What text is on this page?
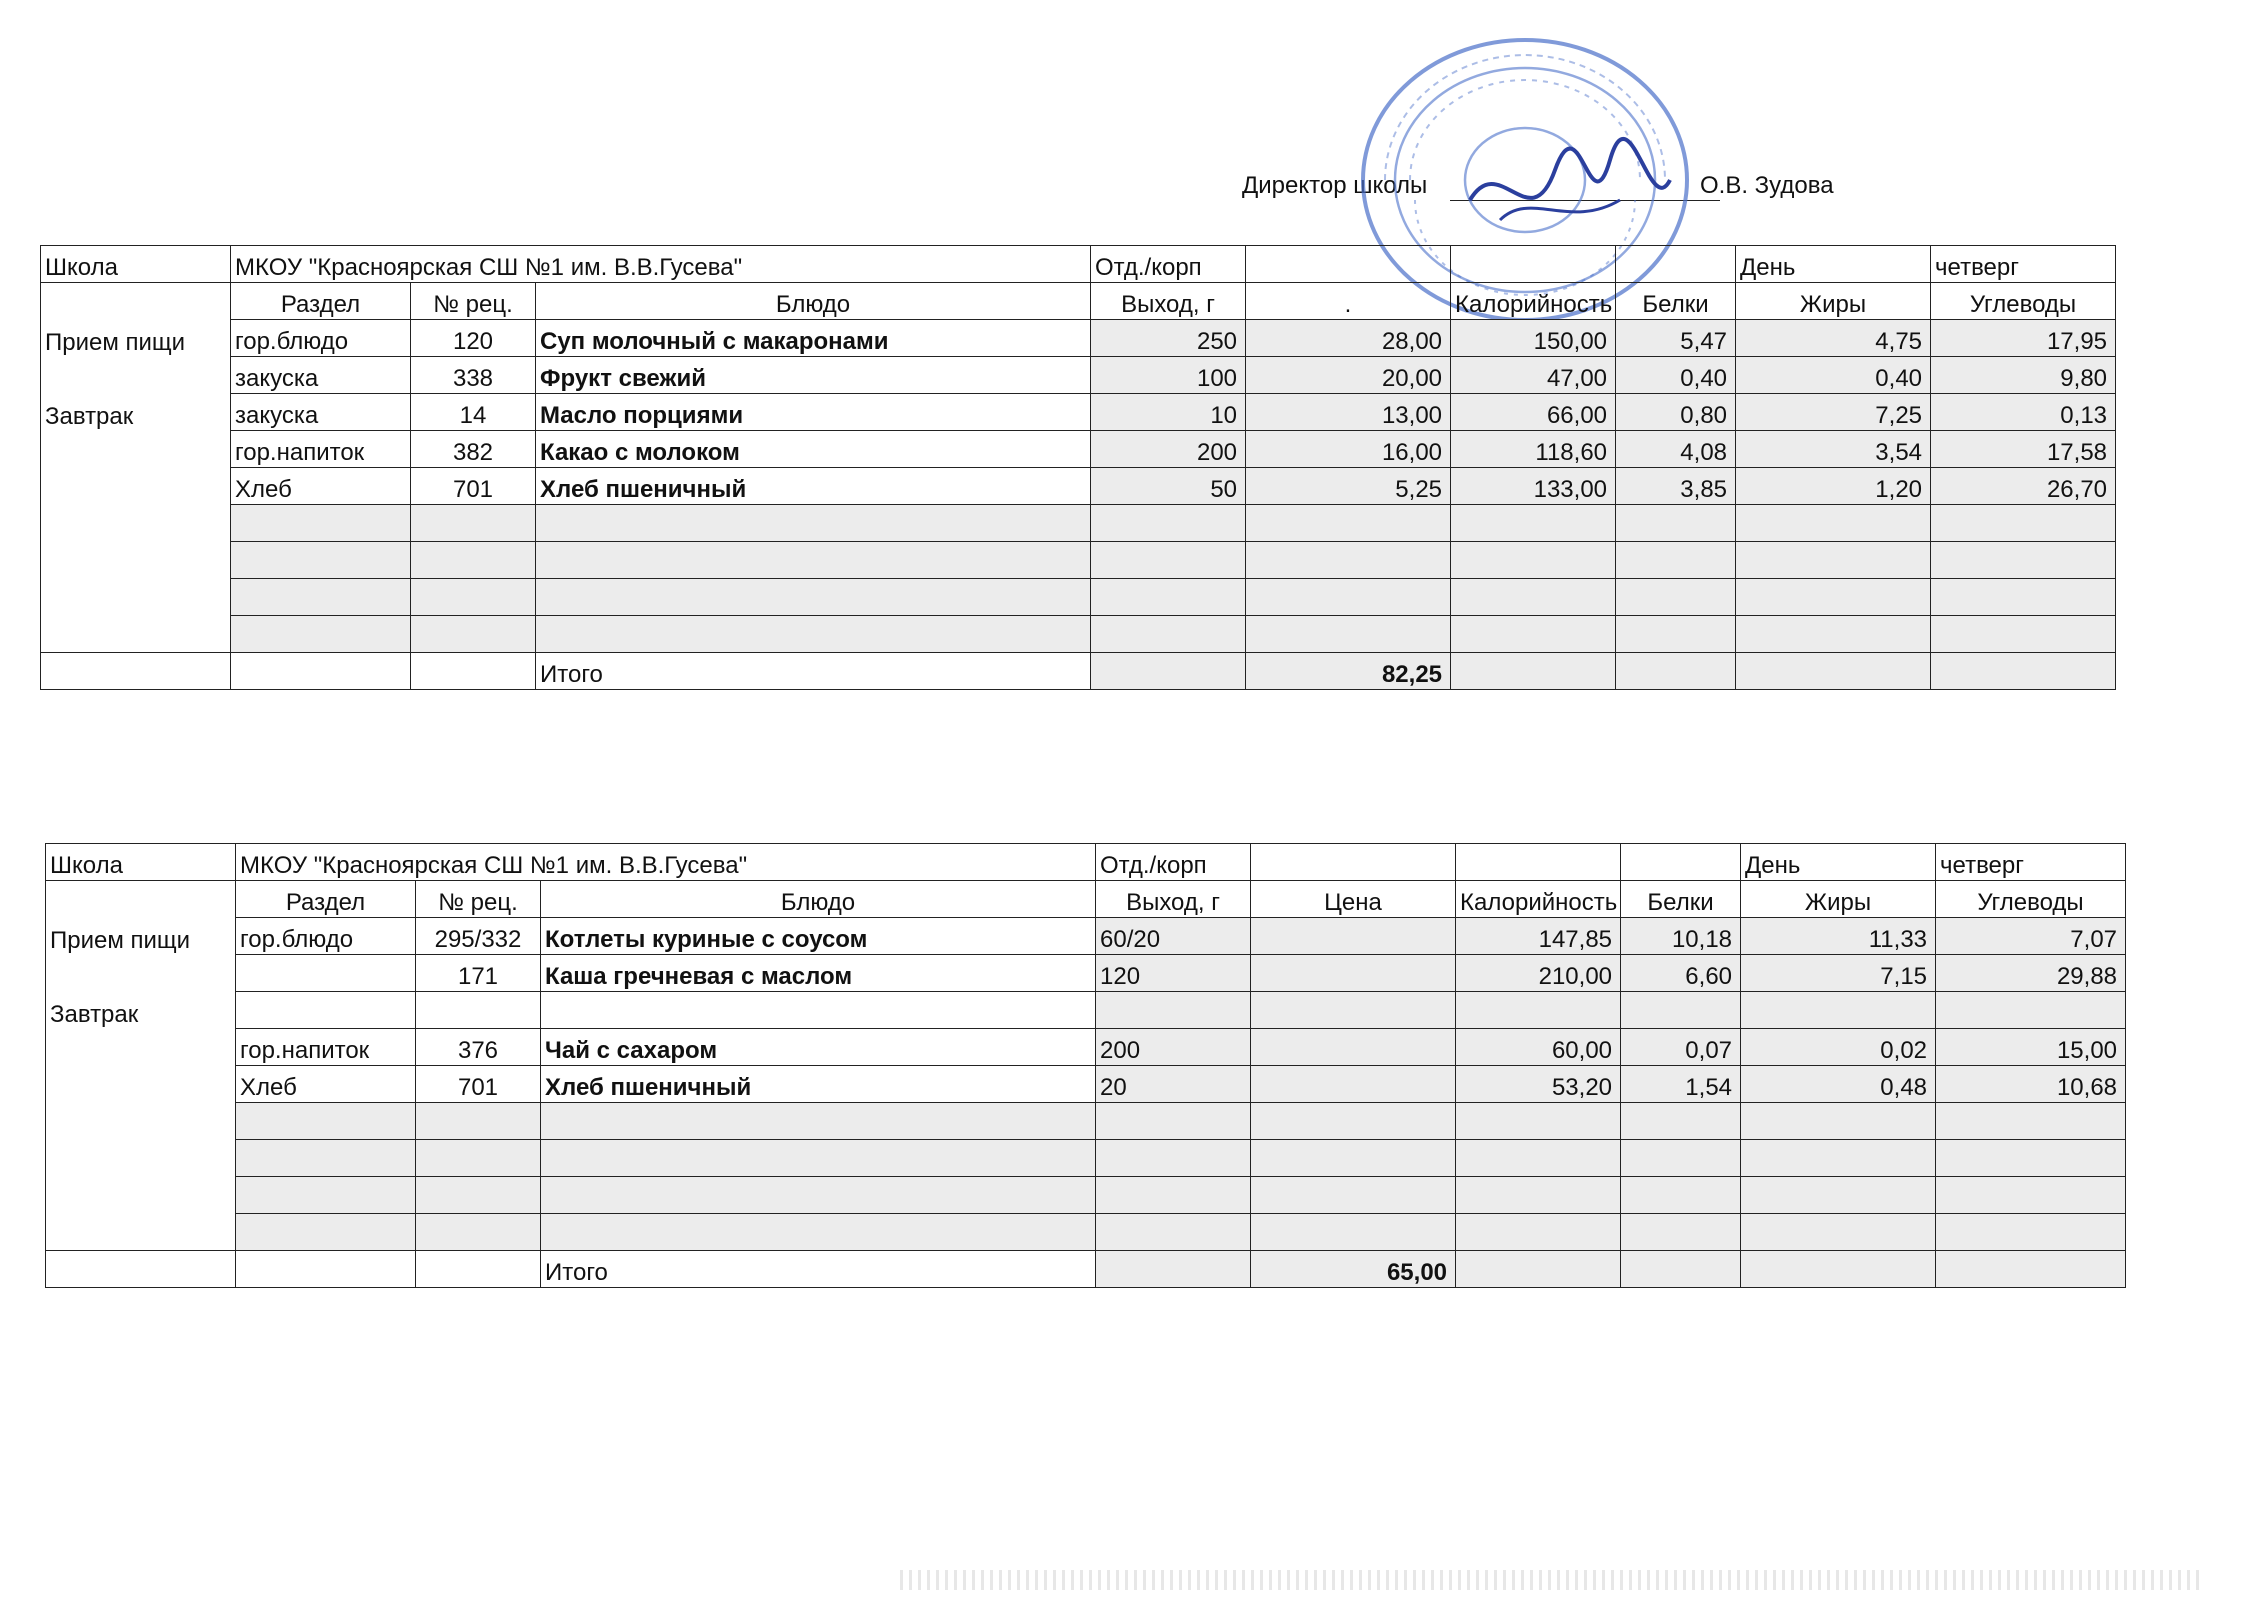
Директор школы	О.В. Зудова
Школа	МКОУ "Красноярская СШ №1 им. В.В.Гусева"			Отд./корп				День	четверг
	Раздел	№ рец.	Блюдо	Выход, г	.	Калорийность	Белки	Жиры	Углеводы
Прием пищи	гор.блюдо	120	Суп молочный с макаронами	250	28,00	150,00	5,47	4,75	17,95
	закуска	338	Фрукт свежий	100	20,00	47,00	0,40	0,40	9,80
Завтрак	закуска	14	Масло порциями	10	13,00	66,00	0,80	7,25	0,13
	гор.напиток	382	Какао с молоком	200	16,00	118,60	4,08	3,54	17,58
	Хлеб	701	Хлеб пшеничный	50	5,25	133,00	3,85	1,20	26,70

			Итого		82,25				
Школа	МКОУ "Красноярская СШ №1 им. В.В.Гусева"			Отд./корп				День	четверг
	Раздел	№ рец.	Блюдо	Выход, г	Цена	Калорийность	Белки	Жиры	Углеводы
Прием пищи	гор.блюдо	295/332	Котлеты куриные с соусом	60/20		147,85	10,18	11,33	7,07
		171	Каша гречневая с маслом	120		210,00	6,60	7,15	29,88
Завтрак									
	гор.напиток	376	Чай с сахаром	200		60,00	0,07	0,02	15,00
	Хлеб	701	Хлеб пшеничный	20		53,20	1,54	0,48	10,68

			Итого		65,00				
